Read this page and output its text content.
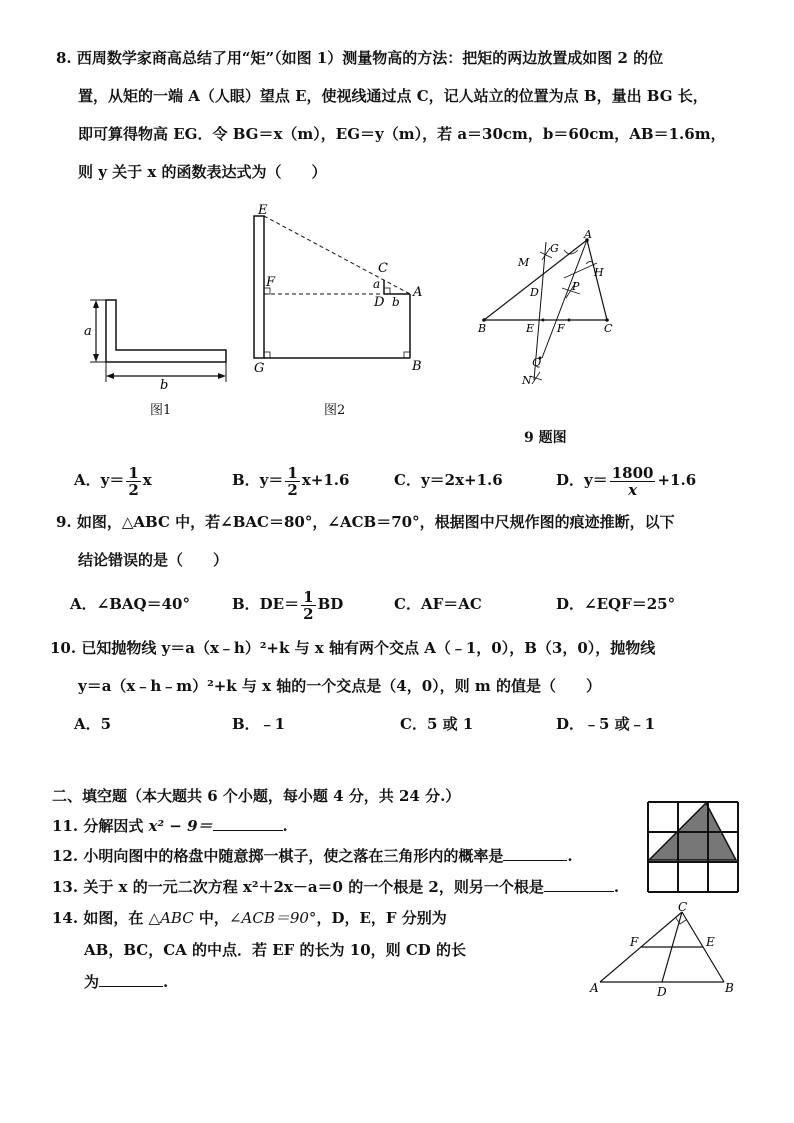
8. 西周数学家商高总结了用“矩”（如图 1）测量物高的方法：把矩的两边放置成如图 2 的位
置，从矩的一端 A（人眼）望点 E，使视线通过点 C，记人站立的位置为点 B，量出 BG 长，
即可算得物高 EG．令 BG＝x（m），EG＝y（m），若 a＝30cm，b＝60cm，AB＝1.6m，
则 y 关于 x 的函数表达式为（　　）
a
b
图1
E
F
C
a
D b
A
G	B
图2
A
G
M
H
P
D
B	E F	C
Q
N
9 题图
A．$y= \frac{1}{2}$ x	B．$y= \frac{1}{2} x+1.6$	C．y＝2x+1.6	D．$y= \frac{1800}{x} +1.6$
9. 如图，△ABC 中，若∠BAC＝80°，∠ACB＝70°，根据图中尺规作图的痕迹推断，以下
结论错误的是（　　）
A．∠BAQ＝40°	B．$DE= \frac{1}{2}$ BD	C．AF＝AC	D．∠EQF＝25°
10. 已知抛物线 y＝a（x﹣h）²+k 与 x 轴有两个交点 A（﹣1，0），B（3，0），抛物线
y＝a（x﹣h﹣m）²+k 与 x 轴的一个交点是（4，0），则 m 的值是（　　）
A．5	B．﹣1	C．5 或 1	D．﹣5 或﹣1
二、填空题（本大题共 6 个小题，每小题 4 分，共 24 分.）
11. 分解因式 x² − 9＝	.
12. 小明向图中的格盘中随意掷一棋子，使之落在三角形内的概率是	.
13. 关于 x 的一元二次方程 x²＋2x－a＝0 的一个根是 2，则另一个根是	.
14. 如图，在 △ABC 中，∠ACB＝90°，D，E，F 分别为
AB，BC，CA 的中点．若 EF 的长为 10，则 CD 的长
为	.
C
F	E
A	D	B
